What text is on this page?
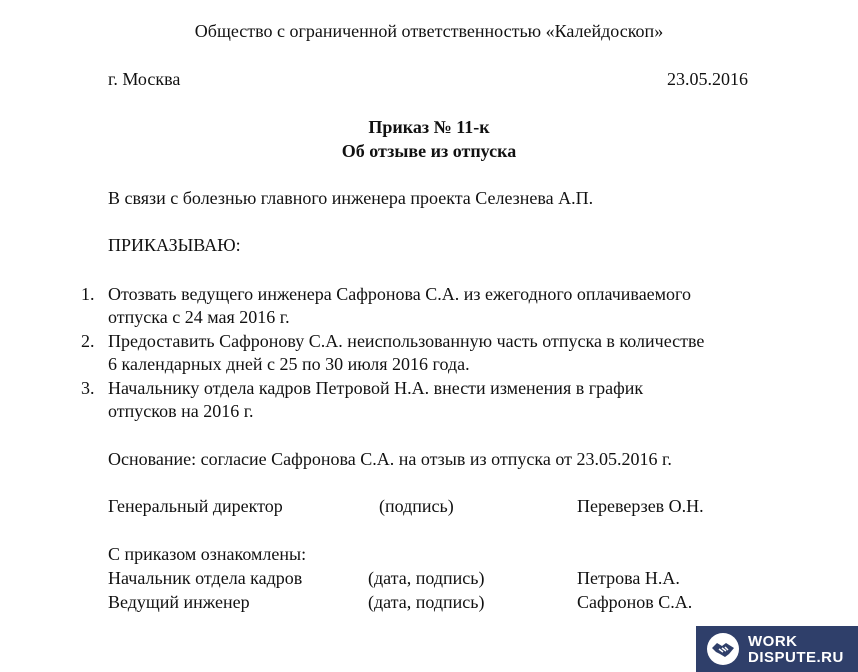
Общество с ограниченной ответственностью «Калейдоскоп»
г. Москва	23.05.2016
Приказ № 11-к
Об отзыве из отпуска
В связи с болезнью главного инженера проекта Селезнева А.П.
ПРИКАЗЫВАЮ:
1. Отозвать ведущего инженера Сафронова С.А. из ежегодного оплачиваемого
отпуска с 24 мая 2016 г.
2. Предоставить Сафронову С.А. неиспользованную часть отпуска в количестве
6 календарных дней с 25 по 30 июля 2016 года.
3. Начальнику отдела кадров Петровой Н.А. внести изменения в график
отпусков на 2016 г.
Основание: согласие Сафронова С.А. на отзыв из отпуска от 23.05.2016 г.
Генеральный директор	(подпись)	Переверзев О.Н.
С приказом ознакомлены:
Начальник отдела кадров	(дата, подпись)	Петрова Н.А.
Ведущий инженер	(дата, подпись)	Сафронов С.А.
WORK
DISPUTE.RU
